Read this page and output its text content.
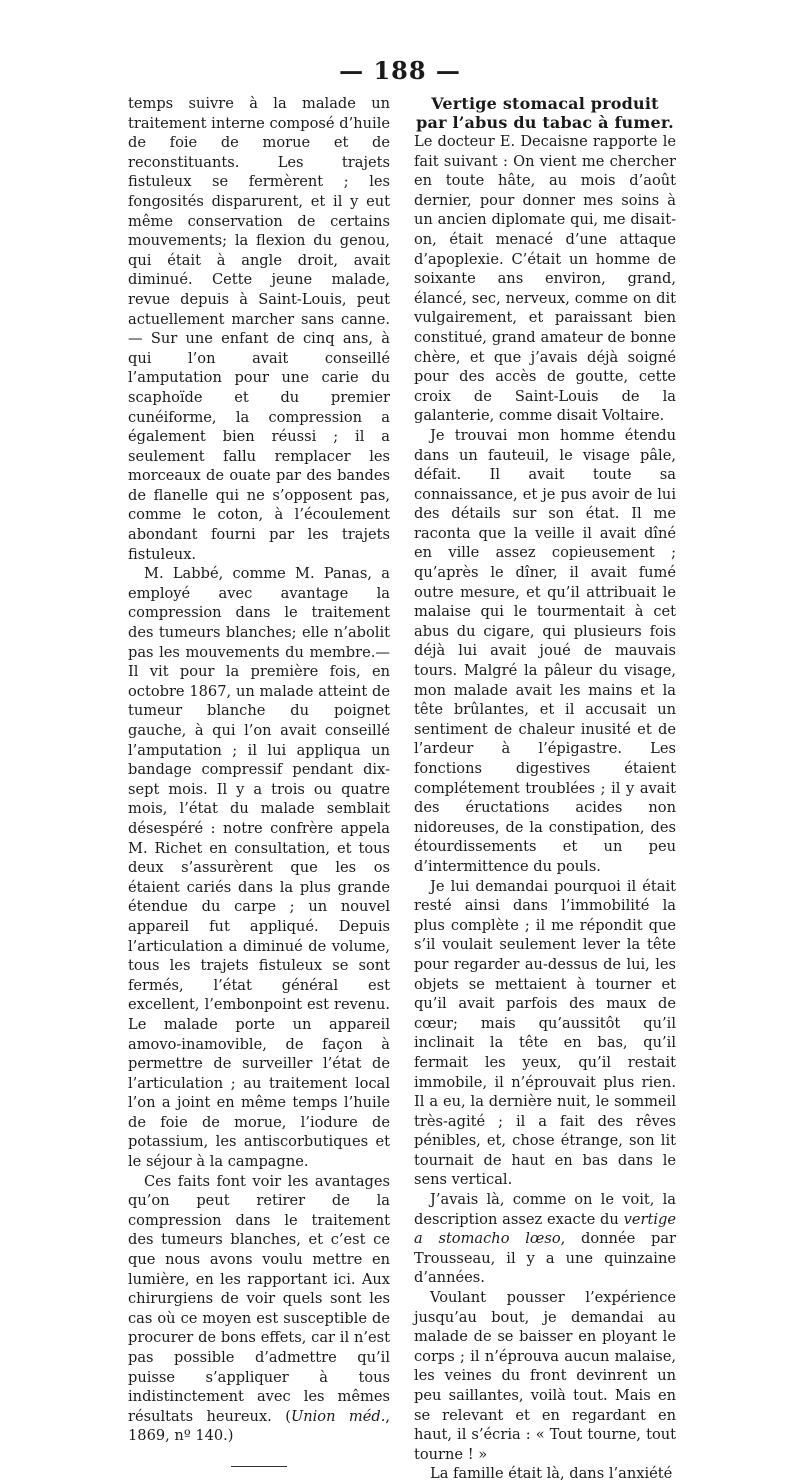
— 188 —

temps suivre à la malade un traitement interne composé d’huile de foie de morue et de reconstituants. Les trajets fistuleux se fermèrent ; les fongosités disparurent, et il y eut même conservation de certains mouvements; la flexion du genou, qui était à angle droit, avait diminué. Cette jeune malade, revue depuis à Saint-Louis, peut actuellement marcher sans canne. — Sur une enfant de cinq ans, à qui l’on avait conseillé l’amputation pour une carie du scaphoïde et du premier cunéiforme, la compression a également bien réussi ; il a seulement fallu remplacer les morceaux de ouate par des bandes de flanelle qui ne s’opposent pas, comme le coton, à l’écoulement abondant fourni par les trajets fistuleux.

M. Labbé, comme M. Panas, a employé avec avantage la compression dans le traitement des tumeurs blanches; elle n’abolit pas les mouvements du membre.—Il vit pour la première fois, en octobre 1867, un malade atteint de tumeur blanche du poignet gauche, à qui l’on avait conseillé l’amputation ; il lui appliqua un bandage compressif pendant dix-sept mois. Il y a trois ou quatre mois, l’état du malade semblait désespéré : notre confrère appela M. Richet en consultation, et tous deux s’assurèrent que les os étaient cariés dans la plus grande étendue du carpe ; un nouvel appareil fut appliqué. Depuis l’articulation a diminué de volume, tous les trajets fistuleux se sont fermés, l’état général est excellent, l’embonpoint est revenu. Le malade porte un appareil amovo-inamovible, de façon à permettre de surveiller l’état de l’articulation ; au traitement local l’on a joint en même temps l’huile de foie de morue, l’iodure de potassium, les antiscorbutiques et le séjour à la campagne.

Ces faits font voir les avantages qu’on peut retirer de la compression dans le traitement des tumeurs blanches, et c’est ce que nous avons voulu mettre en lumière, en les rapportant ici. Aux chirurgiens de voir quels sont les cas où ce moyen est susceptible de procurer de bons effets, car il n’est pas possible d’admettre qu’il puisse s’appliquer à tous indistinctement avec les mêmes résultats heureux. (Union méd., 1869, nº 140.)

Vertige stomacal produit

par l’abus du tabac à fumer.

Le docteur E. Decaisne rapporte le fait suivant : On vient me chercher en toute hâte, au mois d’août dernier, pour donner mes soins à un ancien diplomate qui, me disait-on, était menacé d’une attaque d’apoplexie. C’était un homme de soixante ans environ, grand, élancé, sec, nerveux, comme on dit vulgairement, et paraissant bien constitué, grand amateur de bonne chère, et que j’avais déjà soigné pour des accès de goutte, cette croix de Saint-Louis de la galanterie, comme disait Voltaire.

Je trouvai mon homme étendu dans un fauteuil, le visage pâle, défait. Il avait toute sa connaissance, et je pus avoir de lui des détails sur son état. Il me raconta que la veille il avait dîné en ville assez copieusement ; qu’après le dîner, il avait fumé outre mesure, et qu’il attribuait le malaise qui le tourmentait à cet abus du cigare, qui plusieurs fois déjà lui avait joué de mauvais tours. Malgré la pâleur du visage, mon malade avait les mains et la tête brûlantes, et il accusait un sentiment de chaleur inusité et de l’ardeur à l’épigastre. Les fonctions digestives étaient complétement troublées ; il y avait des éructations acides non nidoreuses, de la constipation, des étourdissements et un peu d’intermittence du pouls.

Je lui demandai pourquoi il était resté ainsi dans l’immobilité la plus complète ; il me répondit que s’il voulait seulement lever la tête pour regarder au-dessus de lui, les objets se mettaient à tourner et qu’il avait parfois des maux de cœur; mais qu’aussitôt qu’il inclinait la tête en bas, qu’il fermait les yeux, qu’il restait immobile, il n’éprouvait plus rien. Il a eu, la dernière nuit, le sommeil très-agité ; il a fait des rêves pénibles, et, chose étrange, son lit tournait de haut en bas dans le sens vertical.

J’avais là, comme on le voit, la description assez exacte du vertige a stomacho lœso, donnée par Trousseau, il y a une quinzaine d’années.

Voulant pousser l’expérience jusqu’au bout, je demandai au malade de se baisser en ployant le corps ; il n’éprouva aucun malaise, les veines du front devinrent un peu saillantes, voilà tout. Mais en se relevant et en regardant en haut, il s’écria : « Tout tourne, tout tourne ! »

La famille était là, dans l’anxiété
